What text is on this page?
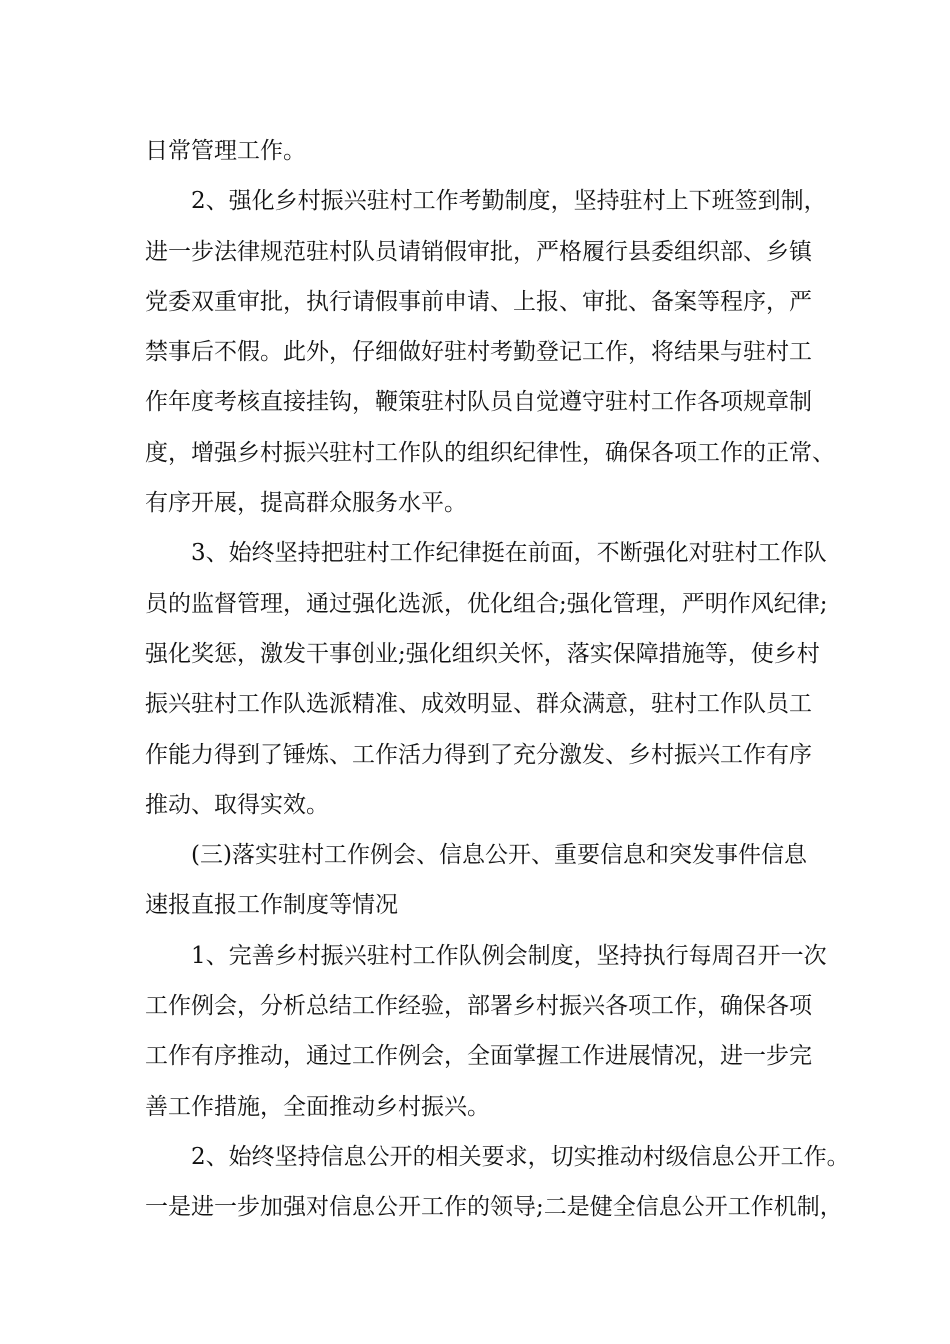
日常管理工作。
2、强化乡村振兴驻村工作考勤制度，坚持驻村上下班签到制，
进一步法律规范驻村队员请销假审批，严格履行县委组织部、乡镇
党委双重审批，执行请假事前申请、上报、审批、备案等程序，严
禁事后不假。此外，仔细做好驻村考勤登记工作，将结果与驻村工
作年度考核直接挂钩，鞭策驻村队员自觉遵守驻村工作各项规章制
度，增强乡村振兴驻村工作队的组织纪律性，确保各项工作的正常、
有序开展，提高群众服务水平。
3、始终坚持把驻村工作纪律挺在前面，不断强化对驻村工作队
员的监督管理，通过强化选派，优化组合;强化管理，严明作风纪律;
强化奖惩，激发干事创业;强化组织关怀，落实保障措施等，使乡村
振兴驻村工作队选派精准、成效明显、群众满意，驻村工作队员工
作能力得到了锤炼、工作活力得到了充分激发、乡村振兴工作有序
推动、取得实效。
(三)落实驻村工作例会、信息公开、重要信息和突发事件信息
速报直报工作制度等情况
1、完善乡村振兴驻村工作队例会制度，坚持执行每周召开一次
工作例会，分析总结工作经验，部署乡村振兴各项工作，确保各项
工作有序推动，通过工作例会，全面掌握工作进展情况，进一步完
善工作措施，全面推动乡村振兴。
2、始终坚持信息公开的相关要求，切实推动村级信息公开工作。
一是进一步加强对信息公开工作的领导;二是健全信息公开工作机制，
